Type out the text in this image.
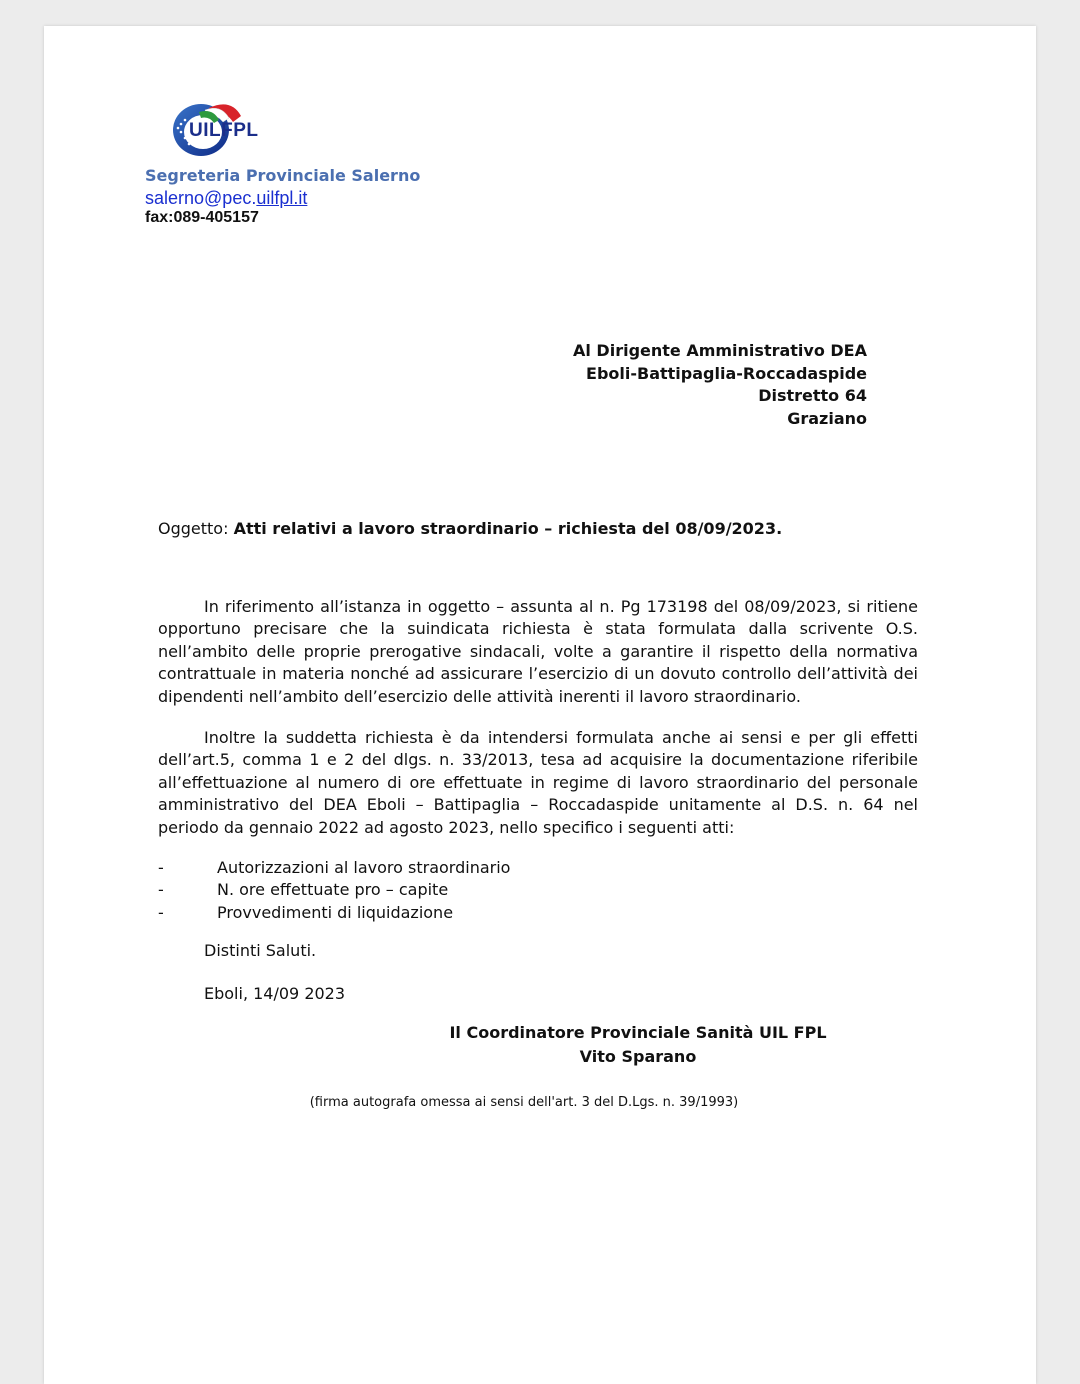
UILFPL
Segreteria Provinciale Salerno
salerno@pec.uilfpl.it
fax:089-405157
Al Dirigente Amministrativo DEA
Eboli-Battipaglia-Roccadaspide
Distretto 64
Graziano
Oggetto: Atti relativi a lavoro straordinario – richiesta del 08/09/2023.

In riferimento all’istanza in oggetto – assunta al n. Pg 173198 del 08/09/2023, si ritiene opportuno precisare che la suindicata richiesta è stata formulata dalla scrivente O.S. nell’ambito delle proprie prerogative sindacali, volte a garantire il rispetto della normativa contrattuale in materia nonché ad assicurare l’esercizio di un dovuto controllo dell’attività dei dipendenti nell’ambito dell’esercizio delle attività inerenti il lavoro straordinario.

Inoltre la suddetta richiesta è da intendersi formulata anche ai sensi e per gli effetti dell’art.5, comma 1 e 2 del dlgs. n. 33/2013, tesa ad acquisire la documentazione riferibile all’effettuazione al numero di ore effettuate in regime di lavoro straordinario del personale amministrativo del DEA Eboli – Battipaglia – Roccadaspide unitamente al D.S. n. 64 nel periodo da gennaio 2022 ad agosto 2023, nello specifico i seguenti atti:

-	Autorizzazioni al lavoro straordinario
-	N. ore effettuate pro – capite
-	Provvedimenti di liquidazione
Distinti Saluti.
Eboli, 14/09 2023
Il Coordinatore Provinciale Sanità UIL FPL
Vito Sparano
(firma autografa omessa ai sensi dell'art. 3 del D.Lgs. n. 39/1993)
